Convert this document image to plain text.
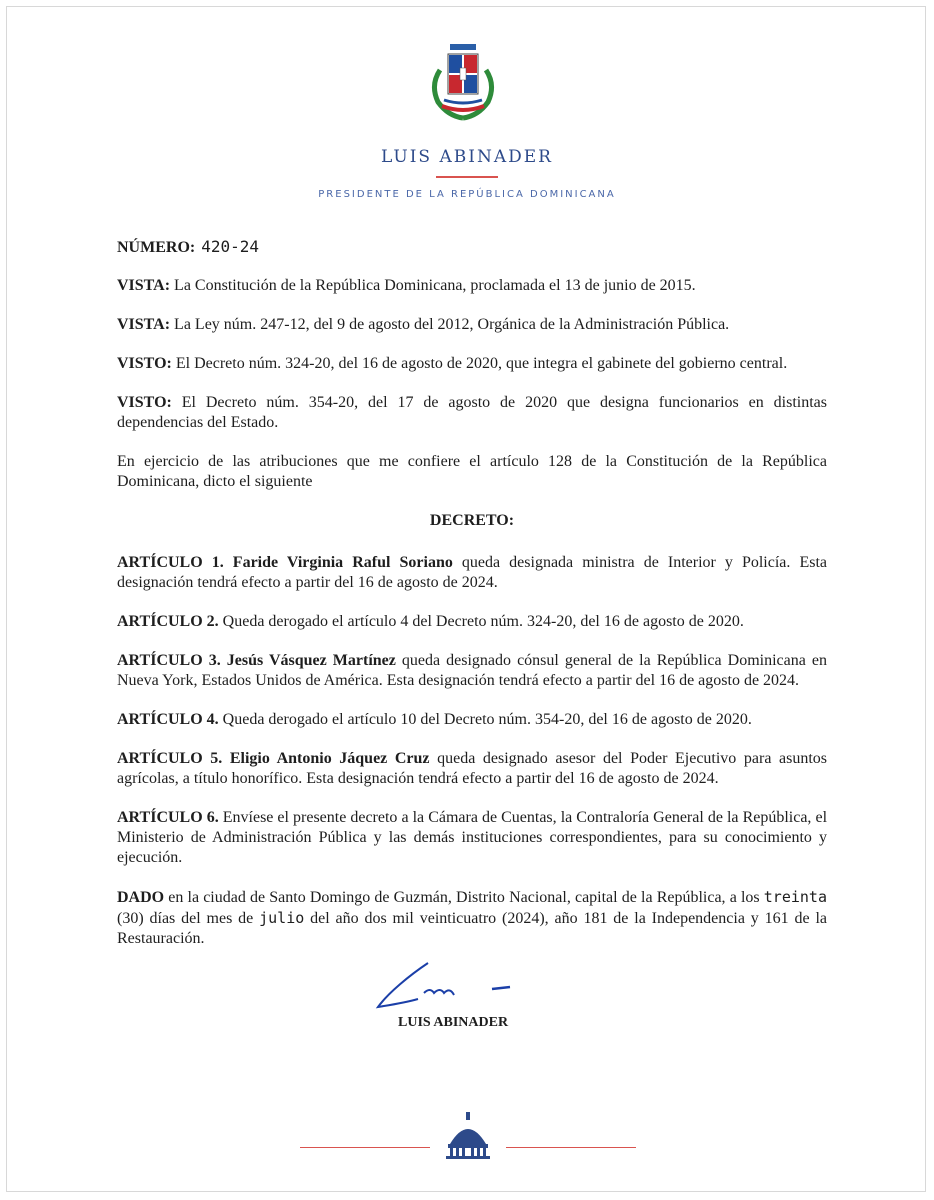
LUIS ABINADER
PRESIDENTE DE LA REPÚBLICA DOMINICANA

NÚMERO: 420-24

VISTA: La Constitución de la República Dominicana, proclamada el 13 de junio de 2015.

VISTA: La Ley núm. 247-12, del 9 de agosto del 2012, Orgánica de la Administración Pública.

VISTO: El Decreto núm. 324-20, del 16 de agosto de 2020, que integra el gabinete del gobierno central.

VISTO: El Decreto núm. 354-20, del 17 de agosto de 2020 que designa funcionarios en distintas dependencias del Estado.

En ejercicio de las atribuciones que me confiere el artículo 128 de la Constitución de la República Dominicana, dicto el siguiente

DECRETO:

ARTÍCULO 1. Faride Virginia Raful Soriano queda designada ministra de Interior y Policía. Esta designación tendrá efecto a partir del 16 de agosto de 2024.

ARTÍCULO 2. Queda derogado el artículo 4 del Decreto núm. 324-20, del 16 de agosto de 2020.

ARTÍCULO 3. Jesús Vásquez Martínez queda designado cónsul general de la República Dominicana en Nueva York, Estados Unidos de América. Esta designación tendrá efecto a partir del 16 de agosto de 2024.

ARTÍCULO 4. Queda derogado el artículo 10 del Decreto núm. 354-20, del 16 de agosto de 2020.

ARTÍCULO 5. Eligio Antonio Jáquez Cruz queda designado asesor del Poder Ejecutivo para asuntos agrícolas, a título honorífico. Esta designación tendrá efecto a partir del 16 de agosto de 2024.

ARTÍCULO 6. Envíese el presente decreto a la Cámara de Cuentas, la Contraloría General de la República, el Ministerio de Administración Pública y las demás instituciones correspondientes, para su conocimiento y ejecución.

DADO en la ciudad de Santo Domingo de Guzmán, Distrito Nacional, capital de la República, a los treinta (30) días del mes de julio del año dos mil veinticuatro (2024), año 181 de la Independencia y 161 de la Restauración.

LUIS ABINADER
